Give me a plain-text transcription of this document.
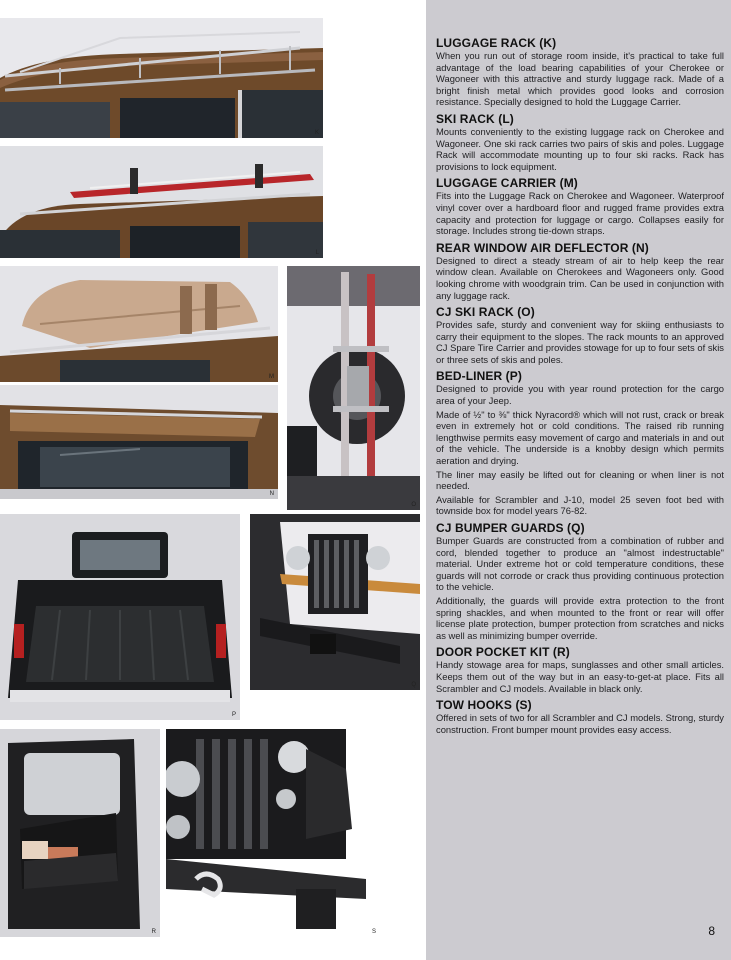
K
L
M
N
O
P
Q
R	S
LUGGAGE RACK (K)

When you run out of storage room inside, it's practical to take full advantage of the load bearing capabilities of your Cherokee or Wagoneer with this attractive and sturdy luggage rack. Made of a bright finish metal which provides good looks and corrosion resistance. Specially designed to hold the Luggage Carrier.

SKI RACK (L)

Mounts conveniently to the existing luggage rack on Cherokee and Wagoneer. One ski rack carries two pairs of skis and poles. Luggage Rack will accommodate mounting up to four ski racks. Rack has provisions to lock equipment.

LUGGAGE CARRIER (M)

Fits into the Luggage Rack on Cherokee and Wagoneer. Waterproof vinyl cover over a hardboard floor and rugged frame provides extra capacity and protection for luggage or cargo. Collapses easily for storage. Includes strong tie-down straps.

REAR WINDOW AIR DEFLECTOR (N)

Designed to direct a steady stream of air to help keep the rear window clean. Available on Cherokees and Wagoneers only. Good looking chrome with woodgrain trim. Can be used in conjunction with any luggage rack.

CJ SKI RACK (O)

Provides safe, sturdy and convenient way for skiing enthusiasts to carry their equipment to the slopes. The rack mounts to an approved CJ Spare Tire Carrier and provides stowage for up to four sets of skis or three sets of skis and poles.

BED-LINER (P)

Designed to provide you with year round protection for the cargo area of your Jeep.

Made of ½" to ⅜" thick Nyracord® which will not rust, crack or break even in extremely hot or cold conditions. The raised rib running lengthwise permits easy movement of cargo and materials in and out of the vehicle. The underside is a knobby design which permits aeration and drying.

The liner may easily be lifted out for cleaning or when liner is not needed.

Available for Scrambler and J-10, model 25 seven foot bed with townside box for model years 76-82.

CJ BUMPER GUARDS (Q)

Bumper Guards are constructed from a combination of rubber and cord, blended together to produce an "almost indestructable" material. Under extreme hot or cold temperature conditions, these guards will not corrode or crack thus providing continuous protection to the vehicle.

Additionally, the guards will provide extra protection to the front spring shackles, and when mounted to the front or rear will offer license plate protection, bumper protection from scratches and nicks as well as minimizing bumper override.

DOOR POCKET KIT (R)

Handy stowage area for maps, sunglasses and other small articles. Keeps them out of the way but in an easy-to-get-at place. Fits all Scrambler and CJ models. Available in black only.

TOW HOOKS (S)

Offered in sets of two for all Scrambler and CJ models. Strong, sturdy construction. Front bumper mount provides easy access.

8
